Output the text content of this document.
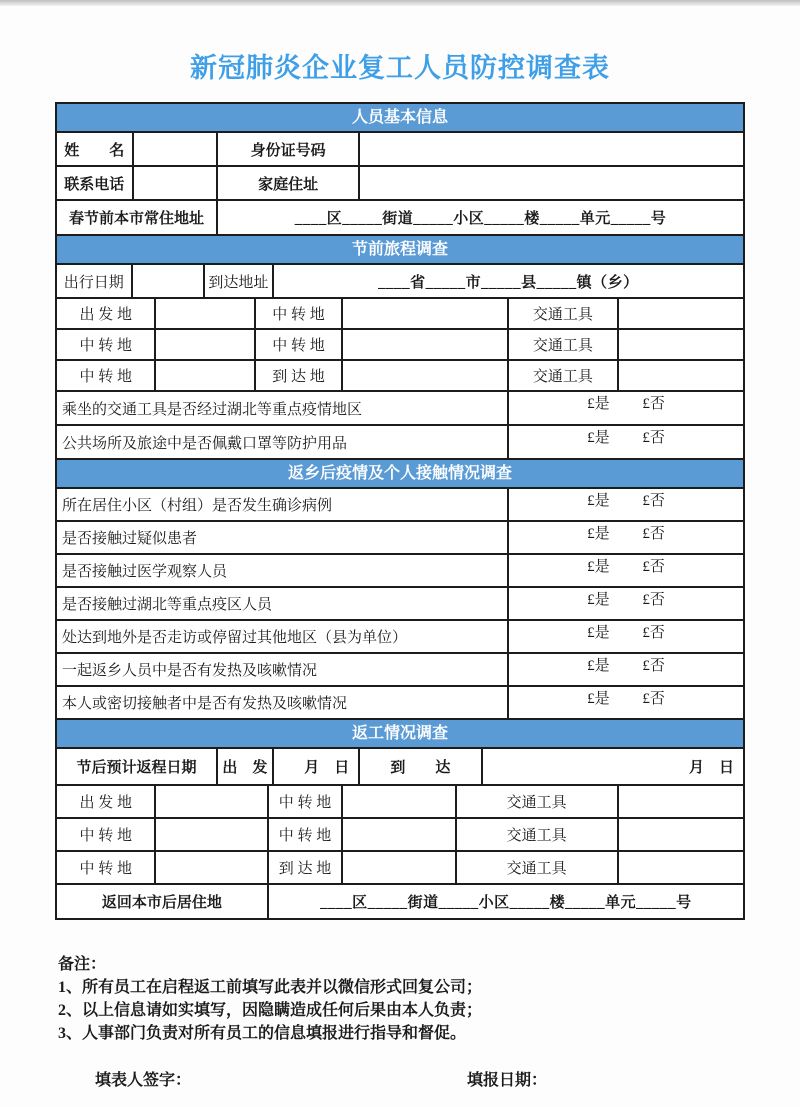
新冠肺炎企业复工人员防控调查表
人员基本信息
姓　　名	身份证号码
联系电话	家庭住址
春节前本市常住地址	____区_____街道_____小区_____楼_____单元_____号
节前旅程调查
出行日期	到达地址	____省_____市_____县_____镇（乡）
出 发 地	中 转 地	交通工具
中 转 地	中 转 地	交通工具
中 转 地	到 达 地	交通工具
乘坐的交通工具是否经过湖北等重点疫情地区	£是	£否
公共场所及旅途中是否佩戴口罩等防护用品	£是	£否
返乡后疫情及个人接触情况调查
所在居住小区（村组）是否发生确诊病例	£是	£否
是否接触过疑似患者	£是	£否
是否接触过医学观察人员	£是	£否
是否接触过湖北等重点疫区人员	£是	£否
处达到地外是否走访或停留过其他地区（县为单位）	£是	£否
一起返乡人员中是否有发热及咳嗽情况	£是	£否
本人或密切接触者中是否有发热及咳嗽情况	£是	£否
返工情况调查
节后预计返程日期	出　发	月　日	到　　达	月　日
出 发 地	中 转 地	交通工具
中 转 地	中 转 地	交通工具
中 转 地	到 达 地	交通工具
返回本市后居住地	____区_____街道_____小区_____楼_____单元_____号
备注：
1、所有员工在启程返工前填写此表并以微信形式回复公司；
2、以上信息请如实填写，因隐瞒造成任何后果由本人负责；
3、人事部门负责对所有员工的信息填报进行指导和督促。
填表人签字：	填报日期：
